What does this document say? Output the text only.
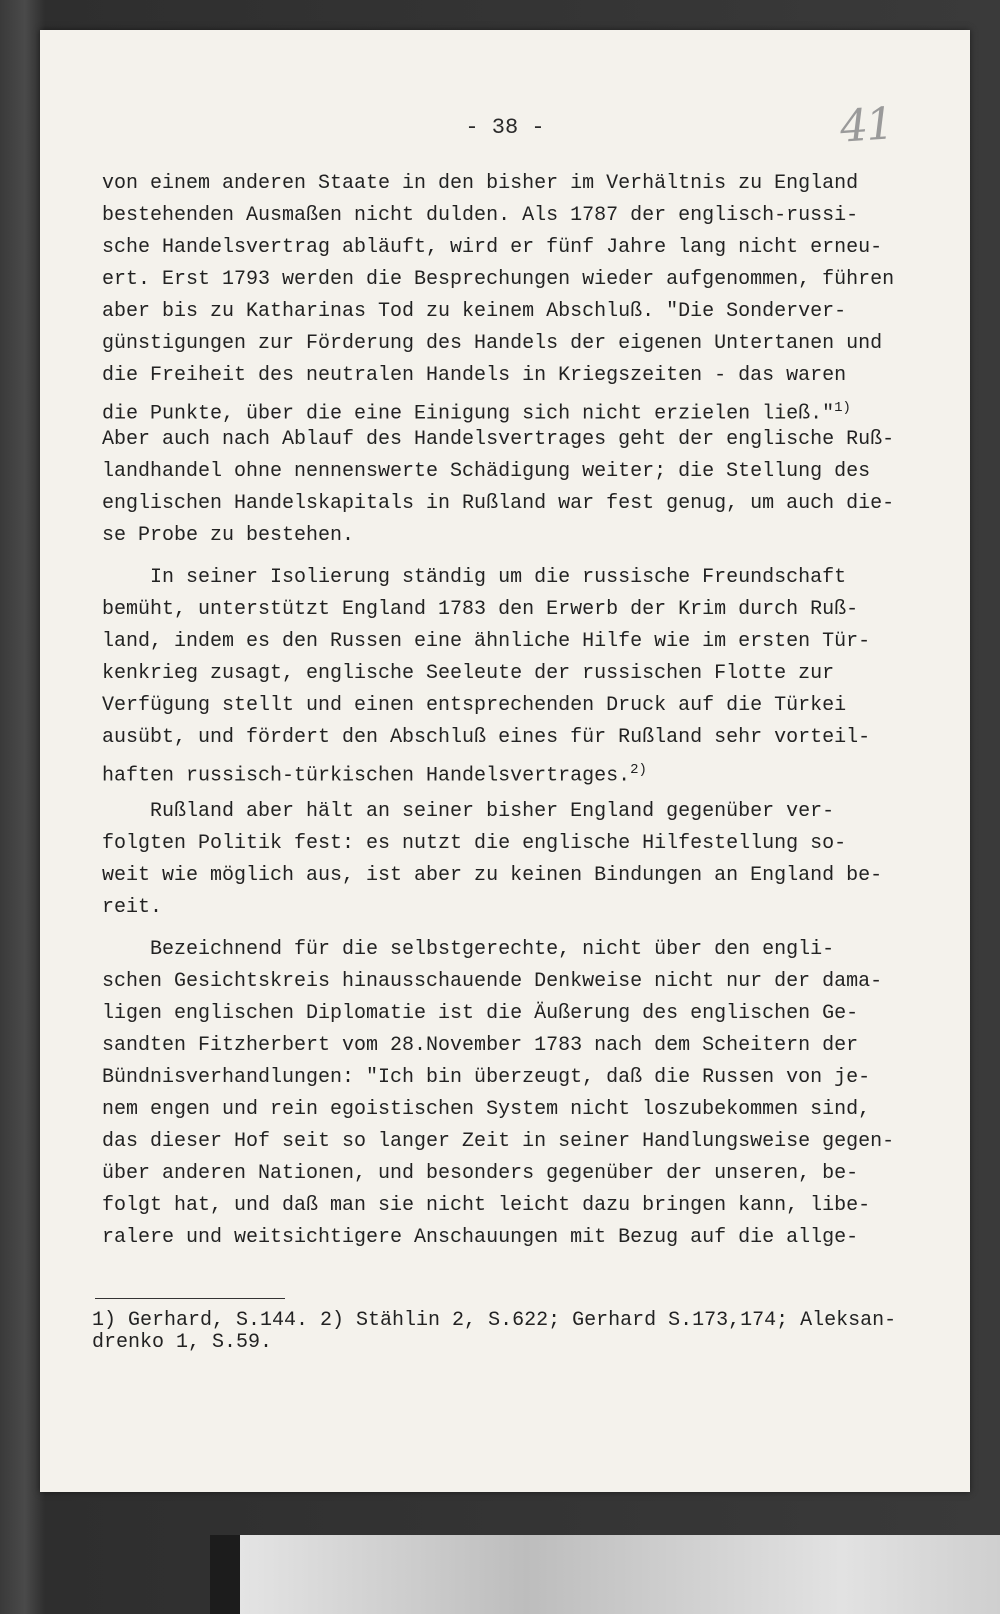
- 38 -	41
von einem anderen Staate in den bisher im Verhältnis zu England
bestehenden Ausmaßen nicht dulden. Als 1787 der englisch-russi-
sche Handelsvertrag abläuft, wird er fünf Jahre lang nicht erneu-
ert. Erst 1793 werden die Besprechungen wieder aufgenommen, führen
aber bis zu Katharinas Tod zu keinem Abschluß. "Die Sonderver-
günstigungen zur Förderung des Handels der eigenen Untertanen und
die Freiheit des neutralen Handels in Kriegszeiten - das waren
die Punkte, über die eine Einigung sich nicht erzielen ließ."$^{1)}$
Aber auch nach Ablauf des Handelsvertrages geht der englische Ruß-
landhandel ohne nennenswerte Schädigung weiter; die Stellung des
englischen Handelskapitals in Rußland war fest genug, um auch die-
se Probe zu bestehen.
In seiner Isolierung ständig um die russische Freundschaft
bemüht, unterstützt England 1783 den Erwerb der Krim durch Ruß-
land, indem es den Russen eine ähnliche Hilfe wie im ersten Tür-
kenkrieg zusagt, englische Seeleute der russischen Flotte zur
Verfügung stellt und einen entsprechenden Druck auf die Türkei
ausübt, und fördert den Abschluß eines für Rußland sehr vorteil-
haften russisch-türkischen Handelsvertrages.$^{2)}$
Rußland aber hält an seiner bisher England gegenüber ver-
folgten Politik fest: es nutzt die englische Hilfestellung so-
weit wie möglich aus, ist aber zu keinen Bindungen an England be-
reit.
Bezeichnend für die selbstgerechte, nicht über den engli-
schen Gesichtskreis hinausschauende Denkweise nicht nur der dama-
ligen englischen Diplomatie ist die Äußerung des englischen Ge-
sandten Fitzherbert vom 28.November 1783 nach dem Scheitern der
Bündnisverhandlungen: "Ich bin überzeugt, daß die Russen von je-
nem engen und rein egoistischen System nicht loszubekommen sind,
das dieser Hof seit so langer Zeit in seiner Handlungsweise gegen-
über anderen Nationen, und besonders gegenüber der unseren, be-
folgt hat, und daß man sie nicht leicht dazu bringen kann, libe-
ralere und weitsichtigere Anschauungen mit Bezug auf die allge-
1) Gerhard, S.144. 2) Stählin 2, S.622; Gerhard S.173,174; Aleksan-
drenko 1, S.59.
